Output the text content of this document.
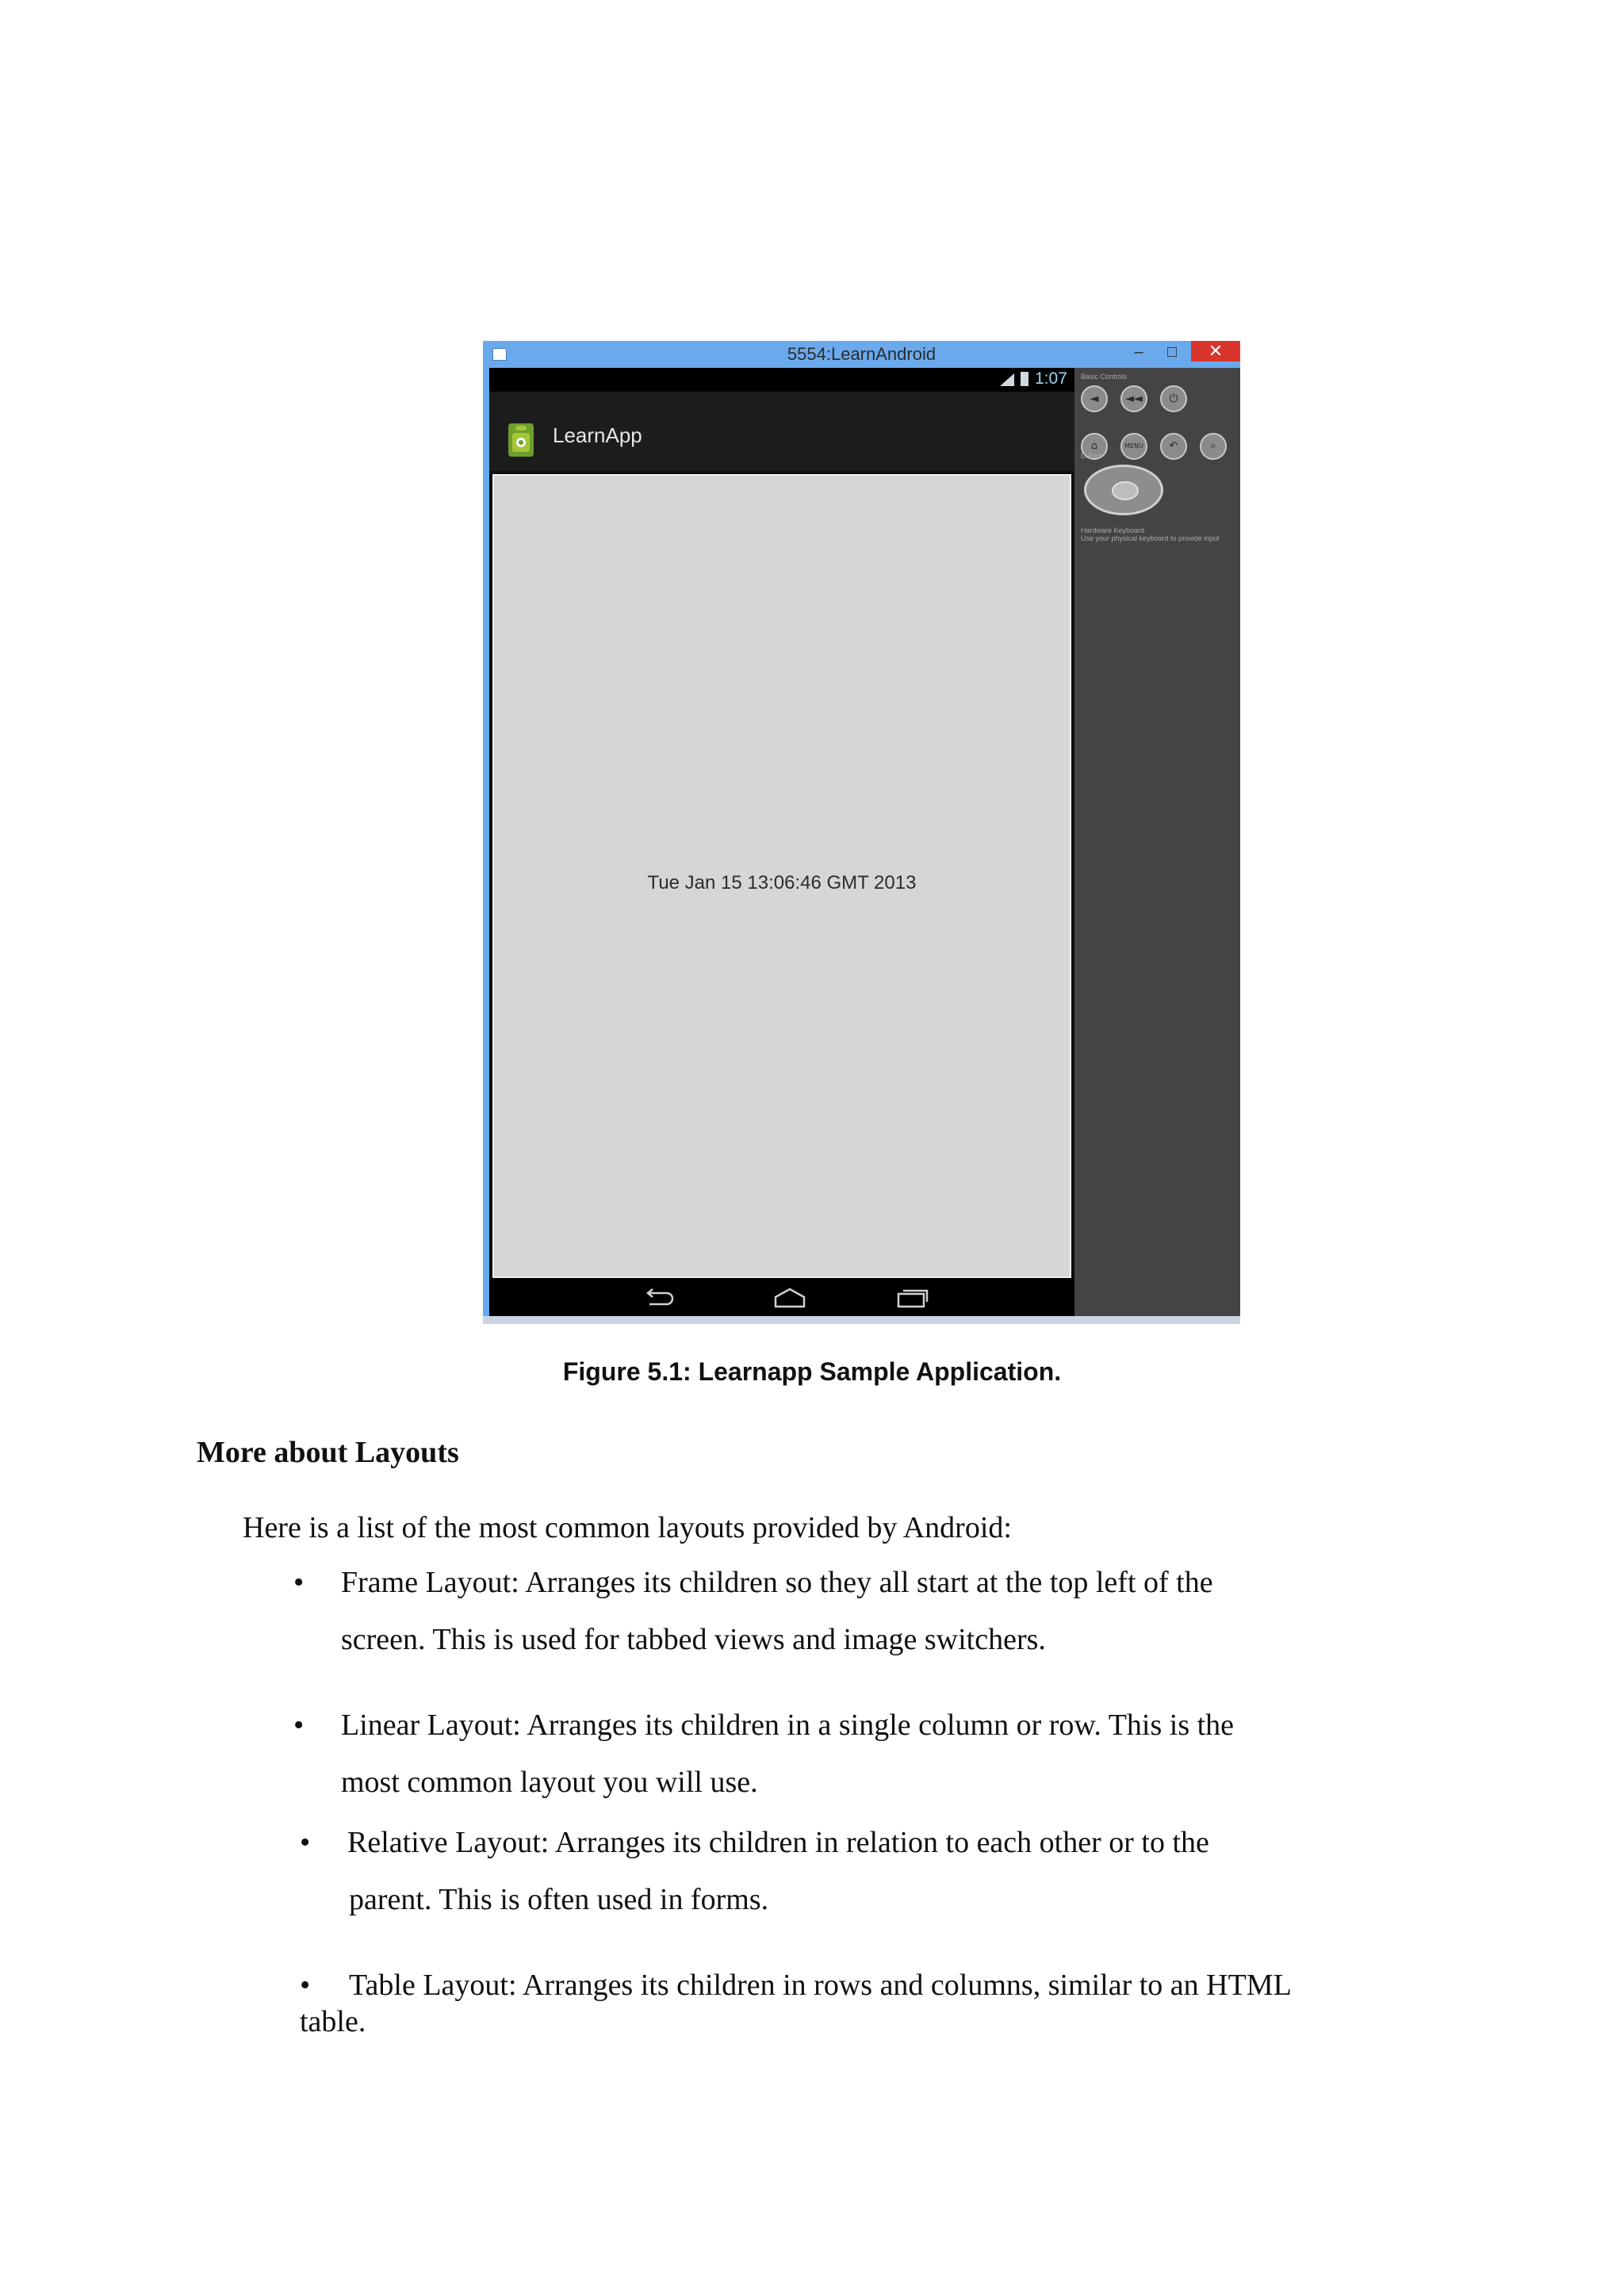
5554:LearnAndroid	–	□	✕
1:07
LearnApp
Tue Jan 15 13:06:46 GMT 2013
Basic Controls
◄	◄◄	⏻
⌂	MENU	↶	⌕
D-Pad
Hardware Keyboard
Use your physical keyboard to provide input
Figure 5.1: Learnapp Sample Application.
More about Layouts
Here is a list of the most common layouts provided by Android:
• Frame Layout: Arranges its children so they all start at the top left of the
screen. This is used for tabbed views and image switchers.
• Linear Layout: Arranges its children in a single column or row. This is the
most common layout you will use.
• Relative Layout: Arranges its children in relation to each other or to the
parent. This is often used in forms.
• Table Layout: Arranges its children in rows and columns, similar to an HTML
table.
